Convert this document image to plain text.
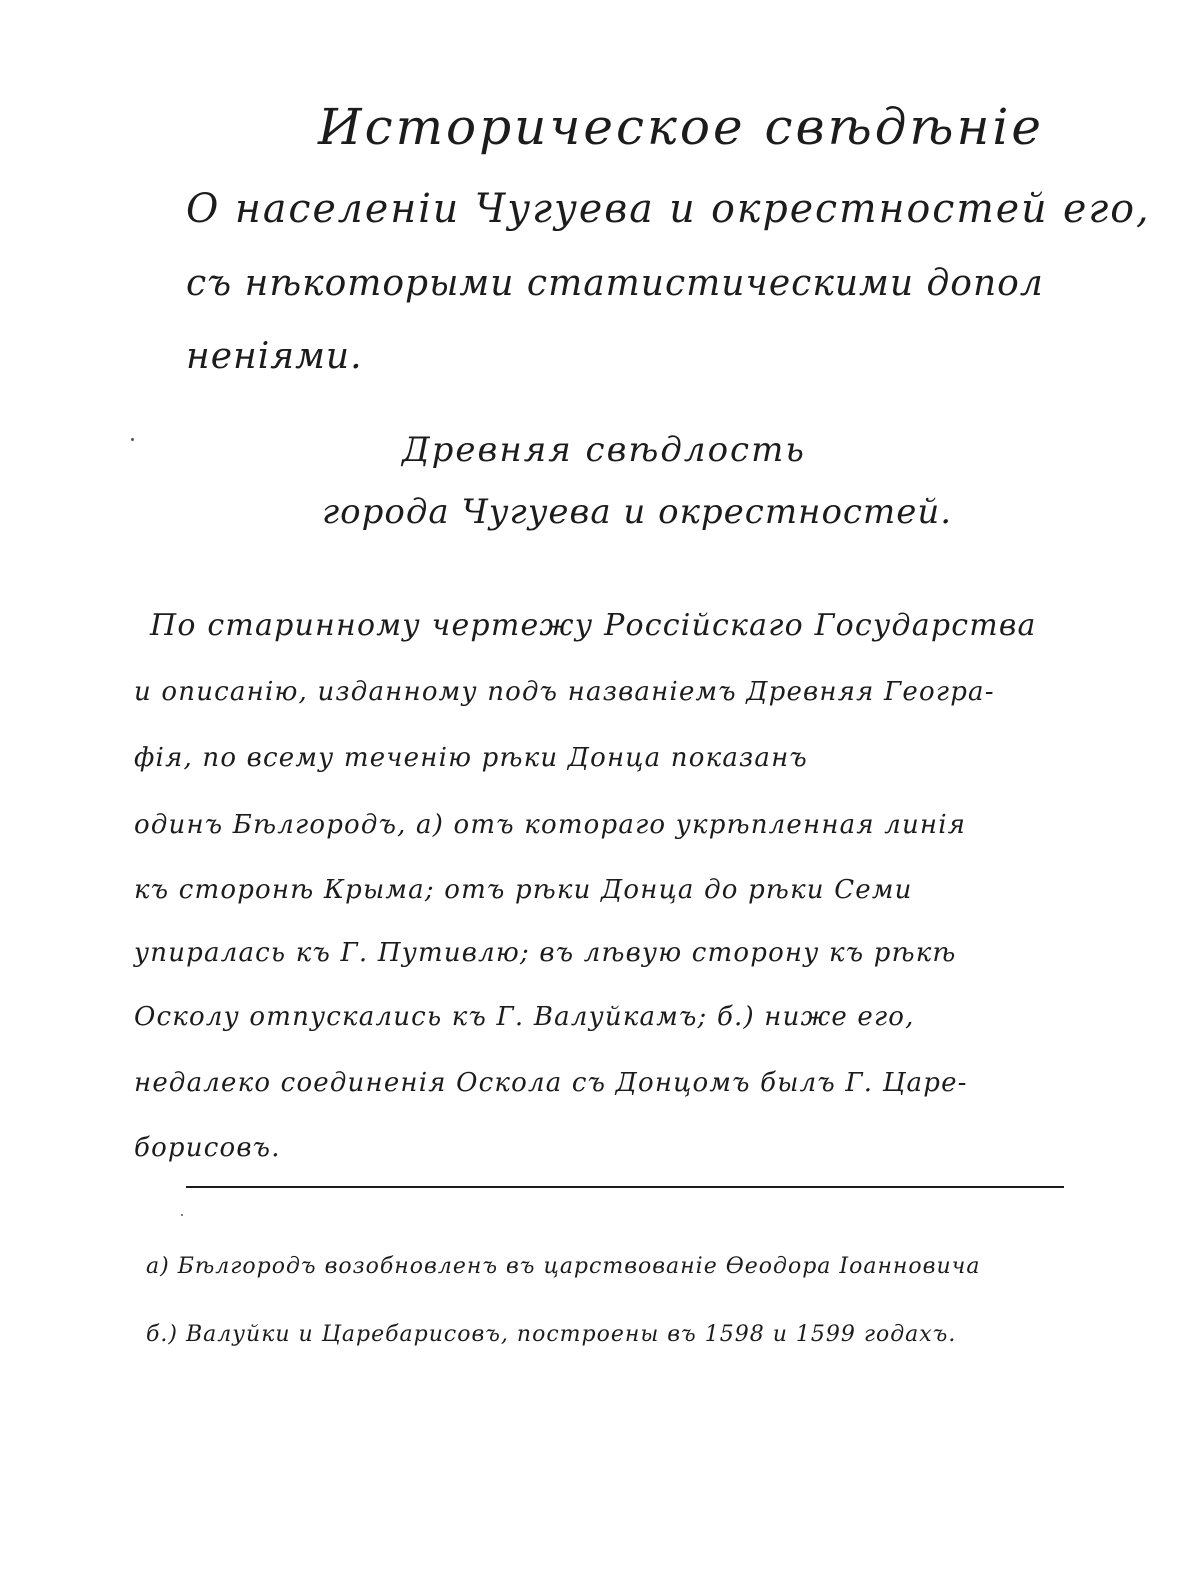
Историческое свѣдѣніе
О населеніи Чугуева и окрестностей его,
съ нѣкоторыми статистическими допол
неніями.
Древняя свѣдлость
города Чугуева и окрестностей.
По старинному чертежу Россійскаго Государства
и описанію, изданному подъ названіемъ Древняя Геогра-
фія, по всему теченію рѣки Донца показанъ
одинъ Бѣлгородъ, а) отъ котораго укрѣпленная линія
къ сторонѣ Крыма; отъ рѣки Донца до рѣки Семи
упиралась къ Г. Путивлю; въ лѣвую сторону къ рѣкѣ
Осколу отпускались къ Г. Валуйкамъ; б.) ниже его,
недалеко соединенія Оскола съ Донцомъ былъ Г. Царе-
борисовъ.
а) Бѣлгородъ возобновленъ въ царствованіе Ѳеодора Іоанновича
б.) Валуйки и Царебарисовъ, построены въ 1598 и 1599 годахъ.
